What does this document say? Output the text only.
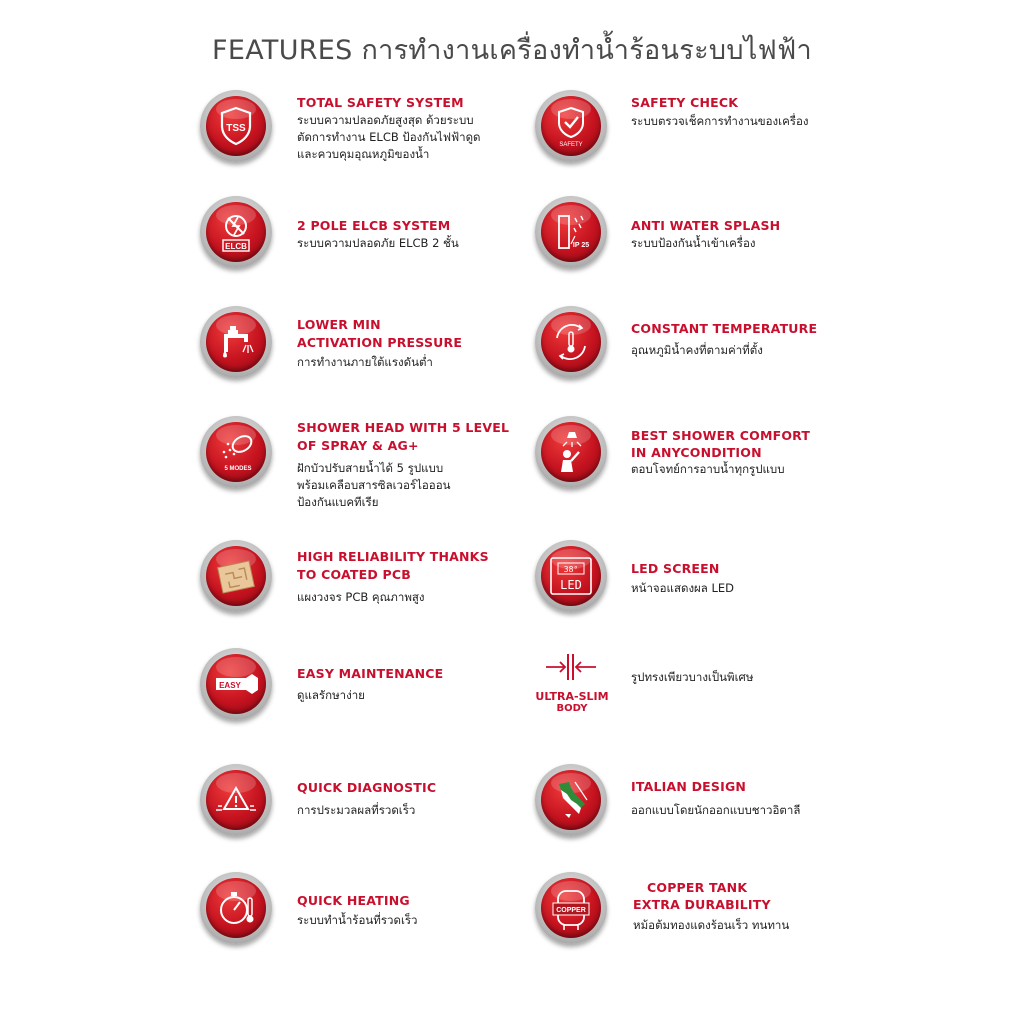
FEATURES การทำงานเครื่องทำน้ำร้อนระบบไฟฟ้า
TSS
TOTAL SAFETY SYSTEM
ระบบความปลอดภัยสูงสุด ด้วยระบบ
ตัดการทำงาน ELCB ป้องกันไฟฟ้าดูด
และควบคุมอุณหภูมิของน้ำ
ELCB
2 POLE ELCB SYSTEM
ระบบความปลอดภัย ELCB 2 ชั้น
LOWER MIN
ACTIVATION PRESSURE
การทำงานภายใต้แรงดันต่ำ
5 MODES
SHOWER HEAD WITH 5 LEVEL
OF SPRAY & AG+
ฝักบัวปรับสายน้ำได้ 5 รูปแบบ
พร้อมเคลือบสารซิลเวอร์ไอออน
ป้องกันแบคทีเรีย
HIGH RELIABILITY THANKS
TO COATED PCB
แผงวงจร PCB คุณภาพสูง
EASY
EASY MAINTENANCE
ดูแลรักษาง่าย
QUICK DIAGNOSTIC
การประมวลผลที่รวดเร็ว
QUICK HEATING
ระบบทำน้ำร้อนที่รวดเร็ว
SAFETY
SAFETY CHECK
ระบบตรวจเช็คการทำงานของเครื่อง
IP 25
ANTI WATER SPLASH
ระบบป้องกันน้ำเข้าเครื่อง
CONSTANT TEMPERATURE
อุณหภูมิน้ำคงที่ตามค่าที่ตั้ง
BEST SHOWER COMFORT
IN ANYCONDITION
ตอบโจทย์การอาบน้ำทุกรูปแบบ
38°
LED
LED SCREEN
หน้าจอแสดงผล LED
ULTRA-SLIM
BODY
รูปทรงเพียวบางเป็นพิเศษ
ITALIAN DESIGN
ออกแบบโดยนักออกแบบชาวอิตาลี
COPPER
COPPER TANK
EXTRA DURABILITY
หม้อต้มทองแดงร้อนเร็ว ทนทาน
